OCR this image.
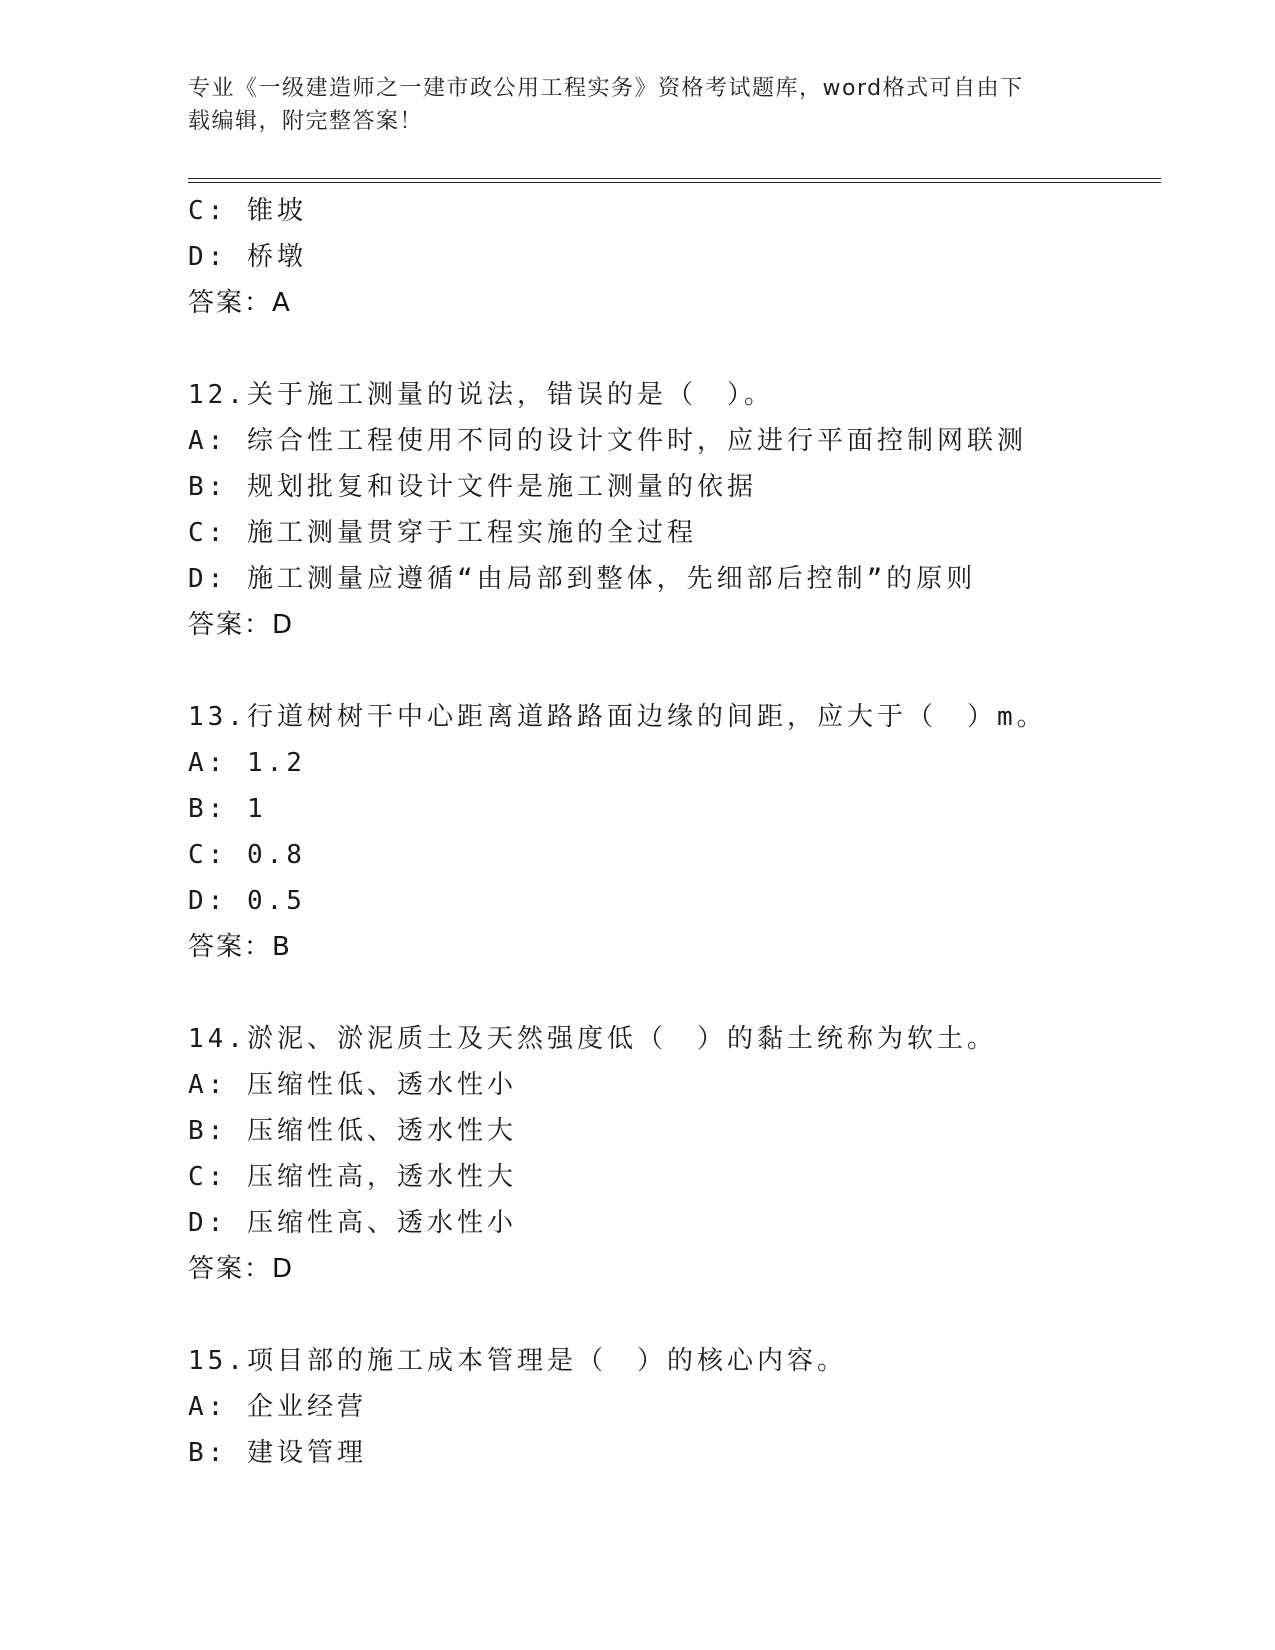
专业《一级建造师之一建市政公用工程实务》资格考试题库，word格式可自由下
载编辑，附完整答案！
C: 锥坡
D: 桥墩
答案：A
12.关于施工测量的说法，错误的是（　）。
A: 综合性工程使用不同的设计文件时，应进行平面控制网联测
B: 规划批复和设计文件是施工测量的依据
C: 施工测量贯穿于工程实施的全过程
D: 施工测量应遵循“由局部到整体，先细部后控制”的原则
答案：D
13.行道树树干中心距离道路路面边缘的间距，应大于（　）m。
A: 1.2
B: 1
C: 0.8
D: 0.5
答案：B
14.淤泥、淤泥质土及天然强度低（　）的黏土统称为软土。
A: 压缩性低、透水性小
B: 压缩性低、透水性大
C: 压缩性高，透水性大
D: 压缩性高、透水性小
答案：D
15.项目部的施工成本管理是（　）的核心内容。
A: 企业经营
B: 建设管理
